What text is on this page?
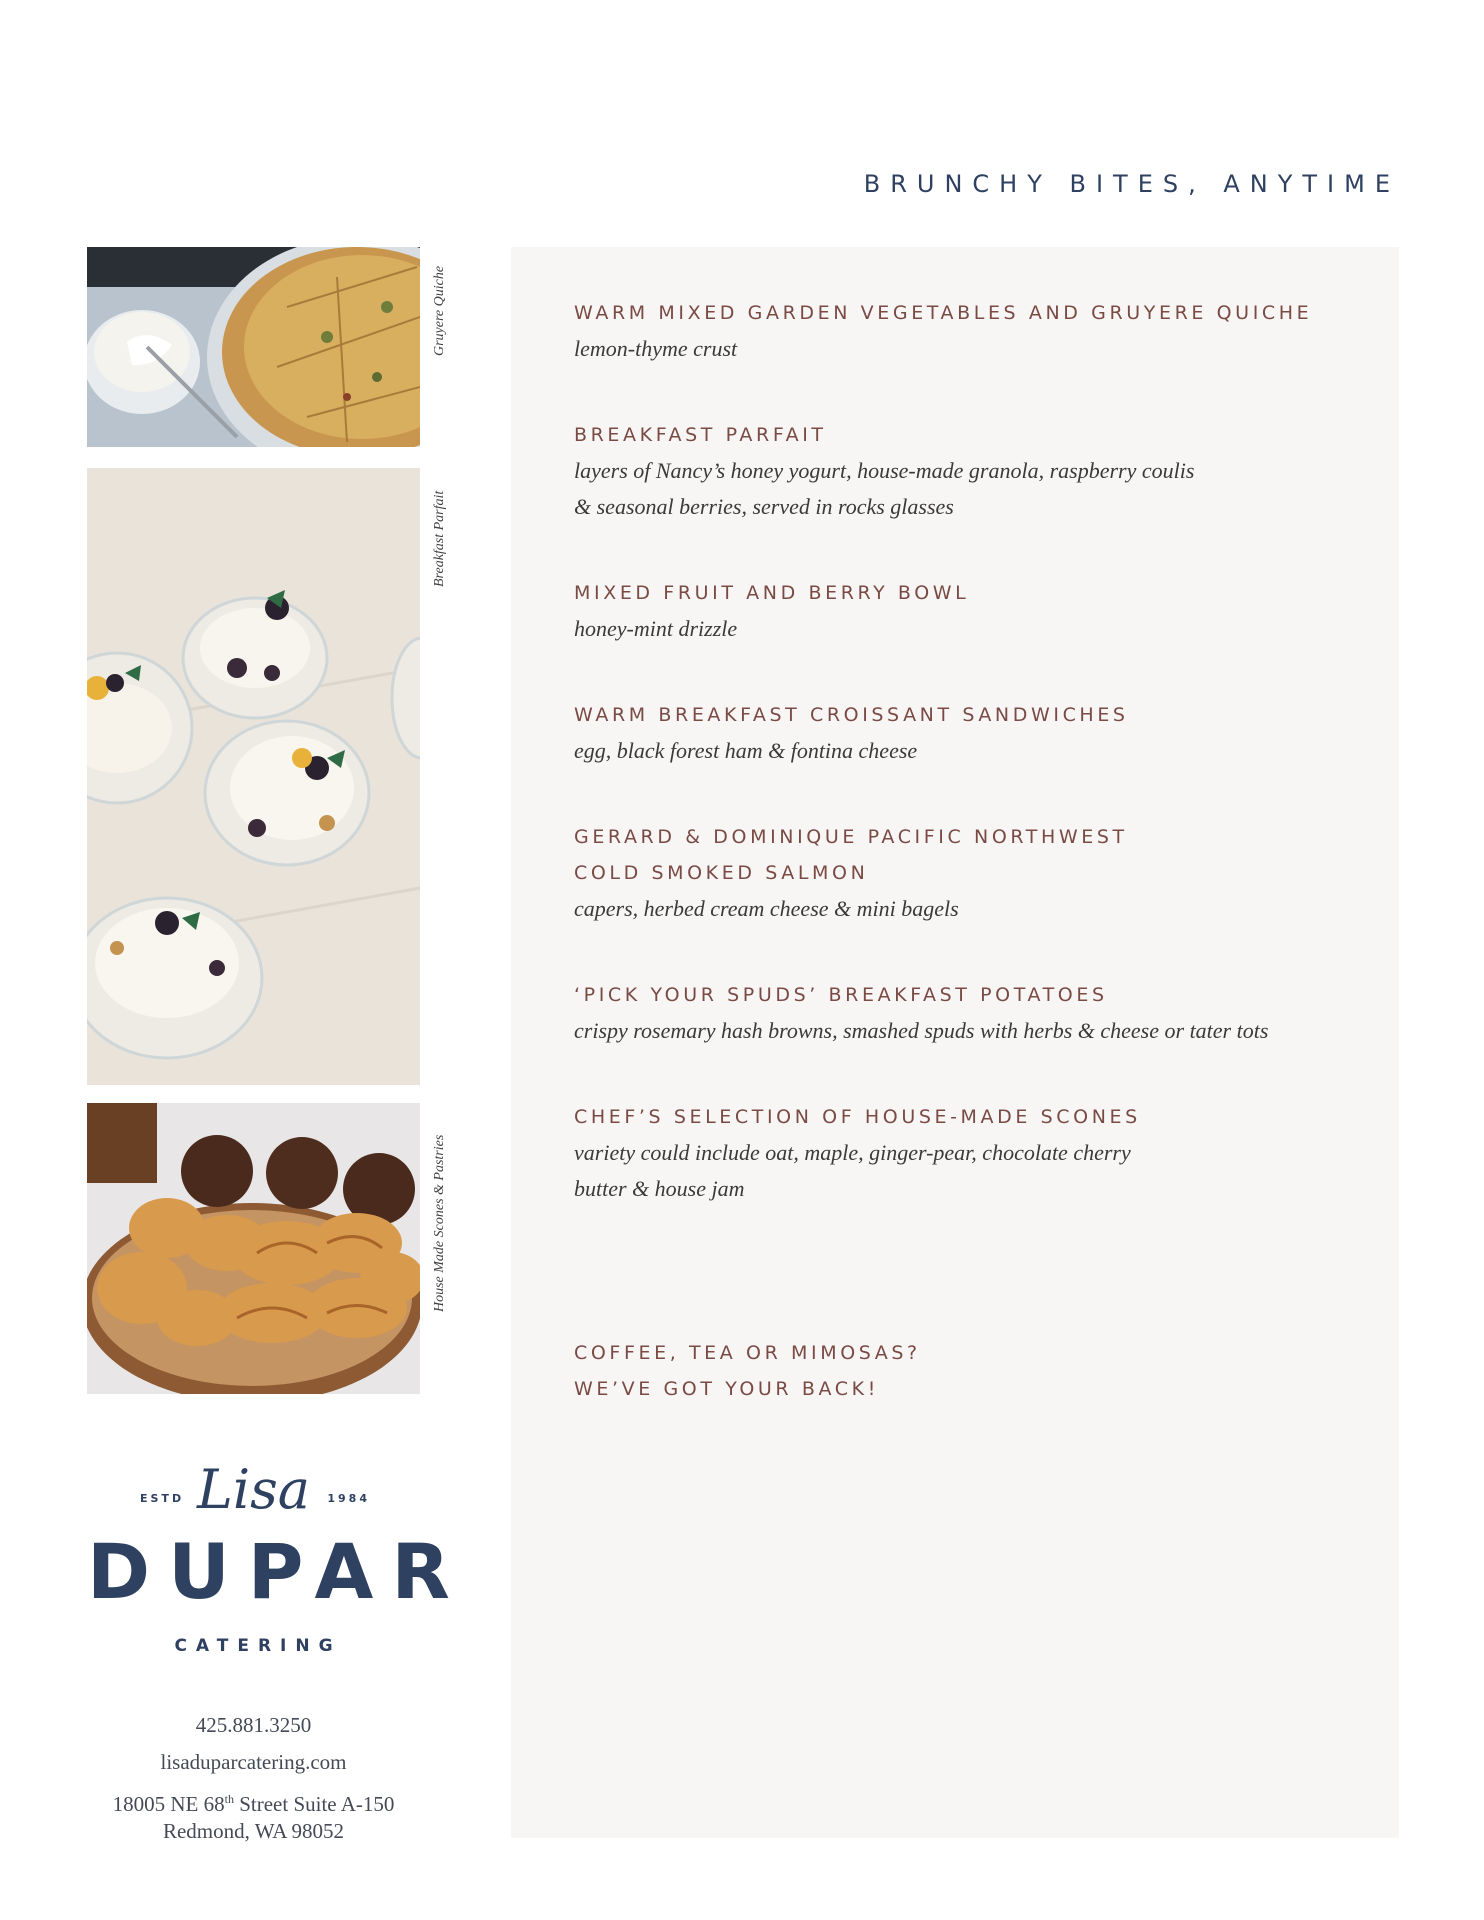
BRUNCHY BITES, ANYTIME
Gruyere Quiche
Breakfast Parfait
House Made Scones & Pastries
WARM MIXED GARDEN VEGETABLES AND GRUYERE QUICHE
lemon-thyme crust
BREAKFAST PARFAIT
layers of Nancy’s honey yogurt, house-made granola, raspberry coulis
& seasonal berries, served in rocks glasses
MIXED FRUIT AND BERRY BOWL
honey-mint drizzle
WARM BREAKFAST CROISSANT SANDWICHES
egg, black forest ham & fontina cheese
GERARD & DOMINIQUE PACIFIC NORTHWEST
COLD SMOKED SALMON
capers, herbed cream cheese & mini bagels
‘PICK YOUR SPUDS’ BREAKFAST POTATOES
crispy rosemary hash browns, smashed spuds with herbs & cheese or tater tots
CHEF’S SELECTION OF HOUSE-MADE SCONES
variety could include oat, maple, ginger-pear, chocolate cherry
butter & house jam
COFFEE, TEA OR MIMOSAS?
WE’VE GOT YOUR BACK!
ESTD Lisa	1984
DUPAR
CATERING
425.881.3250
lisaduparcatering.com
18005 NE 68th Street Suite A-150
Redmond, WA 98052
